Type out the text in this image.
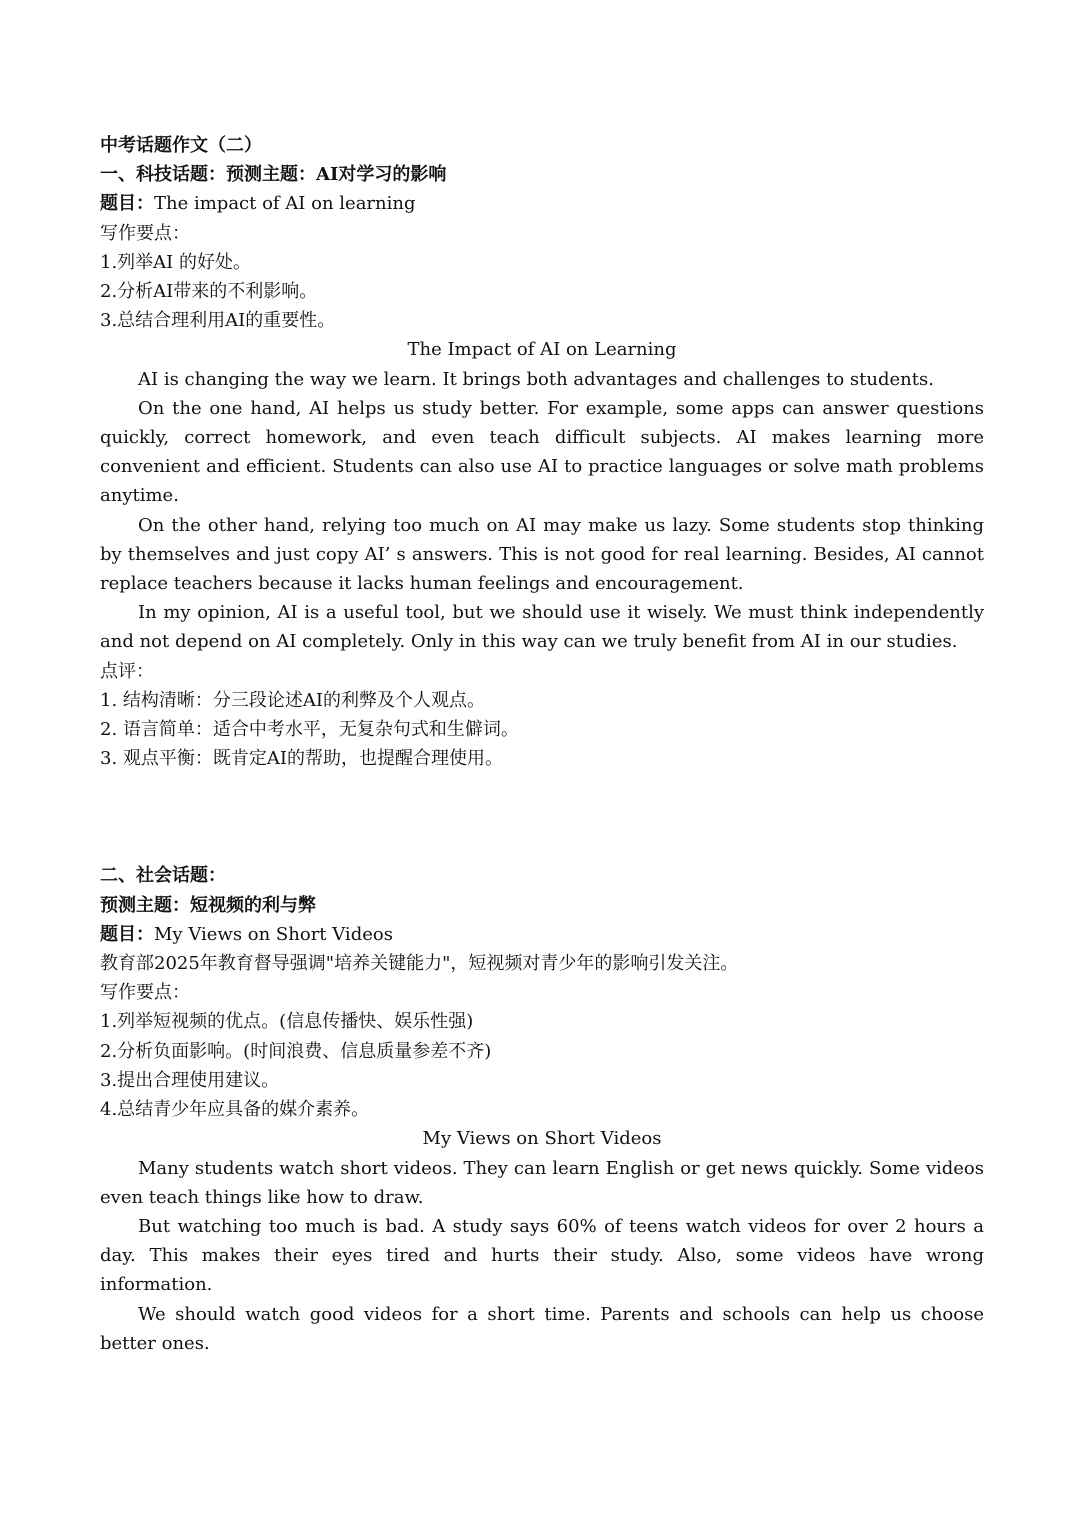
中考话题作文（二）
一、科技话题：预测主题：AI对学习的影响
题目：The impact of AI on learning
写作要点：
1.列举AI 的好处。
2.分析AI带来的不利影响。
3.总结合理利用AI的重要性。
The Impact of AI on Learning
AI is changing the way we learn. It brings both advantages and challenges to students.
On the one hand, AI helps us study better. For example, some apps can answer questions quickly, correct homework, and even teach difficult subjects. AI makes learning more convenient and efficient. Students can also use AI to practice languages or solve math problems anytime.
On the other hand, relying too much on AI may make us lazy. Some students stop thinking by themselves and just copy AI’ s answers. This is not good for real learning. Besides, AI cannot replace teachers because it lacks human feelings and encouragement.
In my opinion, AI is a useful tool, but we should use it wisely. We must think independently and not depend on AI completely. Only in this way can we truly benefit from AI in our studies.
点评：
1. 结构清晰：分三段论述AI的利弊及个人观点。
2. 语言简单：适合中考水平，无复杂句式和生僻词。
3. 观点平衡：既肯定AI的帮助，也提醒合理使用。
二、社会话题：
预测主题：短视频的利与弊
题目：My Views on Short Videos
教育部2025年教育督导强调"培养关键能力"，短视频对青少年的影响引发关注。
写作要点：
1.列举短视频的优点。(信息传播快、娱乐性强)
2.分析负面影响。(时间浪费、信息质量参差不齐)
3.提出合理使用建议。
4.总结青少年应具备的媒介素养。
My Views on Short Videos
Many students watch short videos. They can learn English or get news quickly. Some videos even teach things like how to draw.
But watching too much is bad. A study says 60% of teens watch videos for over 2 hours a day. This makes their eyes tired and hurts their study. Also, some videos have wrong information.
We should watch good videos for a short time. Parents and schools can help us choose better ones.
